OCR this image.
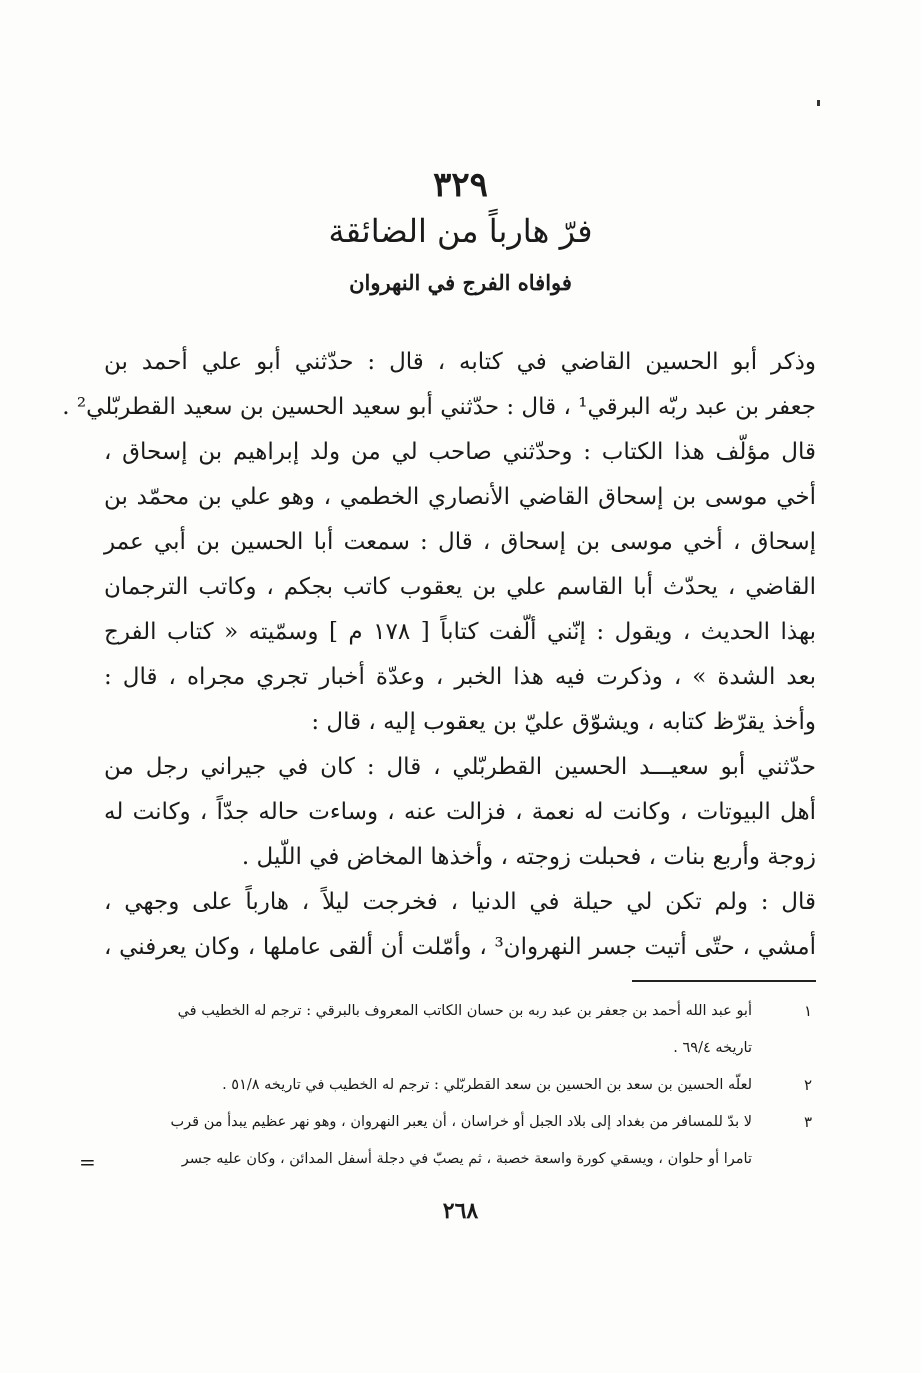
٣٢٩
فرّ هارباً من الضائقة
فوافاه الفرج في النهروان
وذكر أبو الحسين القاضي في كتابه ، قال : حدّثني أبو علي أحمد بن
جعفر بن عبد ربّه البرقي¹ ، قال : حدّثني أبو سعيد الحسين بن سعيد القطربّلي² .
قال مؤلّف هذا الكتاب : وحدّثني صاحب لي من ولد إبراهيم بن إسحاق ،
أخي موسى بن إسحاق القاضي الأنصاري الخطمي ، وهو علي بن محمّد بن
إسحاق ، أخي موسى بن إسحاق ، قال : سمعت أبا الحسين بن أبي عمر
القاضي ، يحدّث أبا القاسم علي بن يعقوب كاتب بجكم ، وكاتب الترجمان
بهذا الحديث ، ويقول : إنّني ألّفت كتاباً [ ١٧٨ م ] وسمّيته « كتاب الفرج
بعد الشدة » ، وذكرت فيه هذا الخبر ، وعدّة أخبار تجري مجراه ، قال :
وأخذ يقرّظ كتابه ، ويشوّق عليّ بن يعقوب إليه ، قال :
حدّثني أبو سعيـــد الحسين القطربّلي ، قال : كان في جيراني رجل من
أهل البيوتات ، وكانت له نعمة ، فزالت عنه ، وساءت حاله جدّاً ، وكانت له
زوجة وأربع بنات ، فحبلت زوجته ، وأخذها المخاض في اللّيل .
قال : ولم تكن لي حيلة في الدنيا ، فخرجت ليلاً ، هارباً على وجهي ،
أمشي ، حتّى أتيت جسر النهروان³ ، وأمّلت أن ألقى عاملها ، وكان يعرفني ،
١
أبو عبد الله أحمد بن جعفر بن عبد ربه بن حسان الكاتب المعروف بالبرقي : ترجم له الخطيب في
تاريخه ٦٩/٤ .
٢
لعلّه الحسين بن سعد بن الحسين بن سعد القطربّلي : ترجم له الخطيب في تاريخه ٥١/٨ .
٣
لا بدّ للمسافر من بغداد إلى بلاد الجبل أو خراسان ، أن يعبر النهروان ، وهو نهر عظيم يبدأ من قرب
تامرا أو حلوان ، ويسقي كورة واسعة خصبة ، ثم يصبّ في دجلة أسفل المدائن ، وكان عليه جسر
=
٢٦٨
